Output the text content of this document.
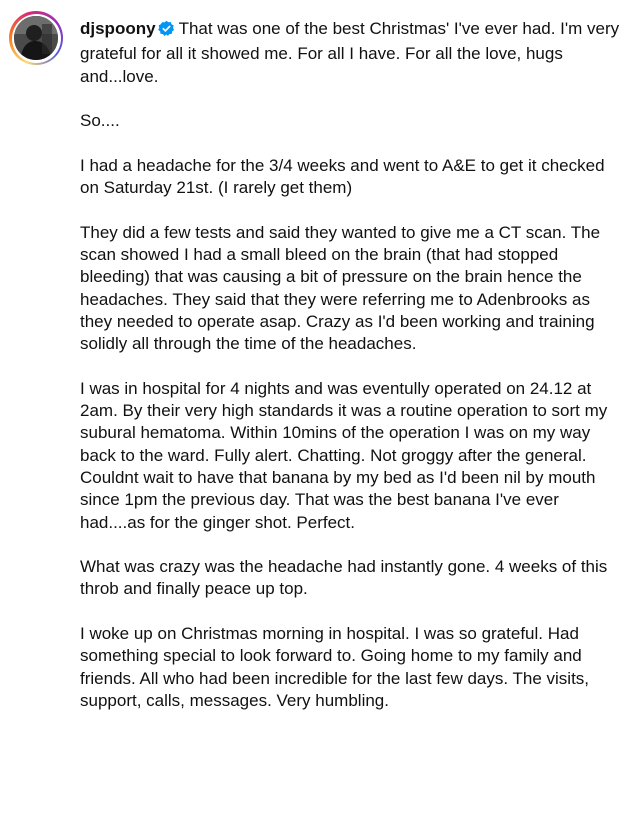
djspoony That was one of the best Christmas' I've ever had. I'm very grateful for all it showed me. For all I have. For all the love, hugs and...love.

So....

I had a headache for the 3/4 weeks and went to A&E to get it checked on Saturday 21st. (I rarely get them)

They did a few tests and said they wanted to give me a CT scan. The scan showed I had a small bleed on the brain (that had stopped bleeding) that was causing a bit of pressure on the brain hence the headaches. They said that they were referring me to Adenbrooks as they needed to operate asap. Crazy as I'd been working and training solidly all through the time of the headaches.

I was in hospital for 4 nights and was eventully operated on 24.12 at 2am. By their very high standards it was a routine operation to sort my subural hematoma. Within 10mins of the operation I was on my way back to the ward. Fully alert. Chatting. Not groggy after the general. Couldnt wait to have that banana by my bed as I'd been nil by mouth since 1pm the previous day. That was the best banana I've ever had....as for the ginger shot. Perfect.

What was crazy was the headache had instantly gone. 4 weeks of this throb and finally peace up top.

I woke up on Christmas morning in hospital. I was so grateful. Had something special to look forward to. Going home to my family and friends. All who had been incredible for the last few days. The visits, support, calls, messages. Very humbling.
